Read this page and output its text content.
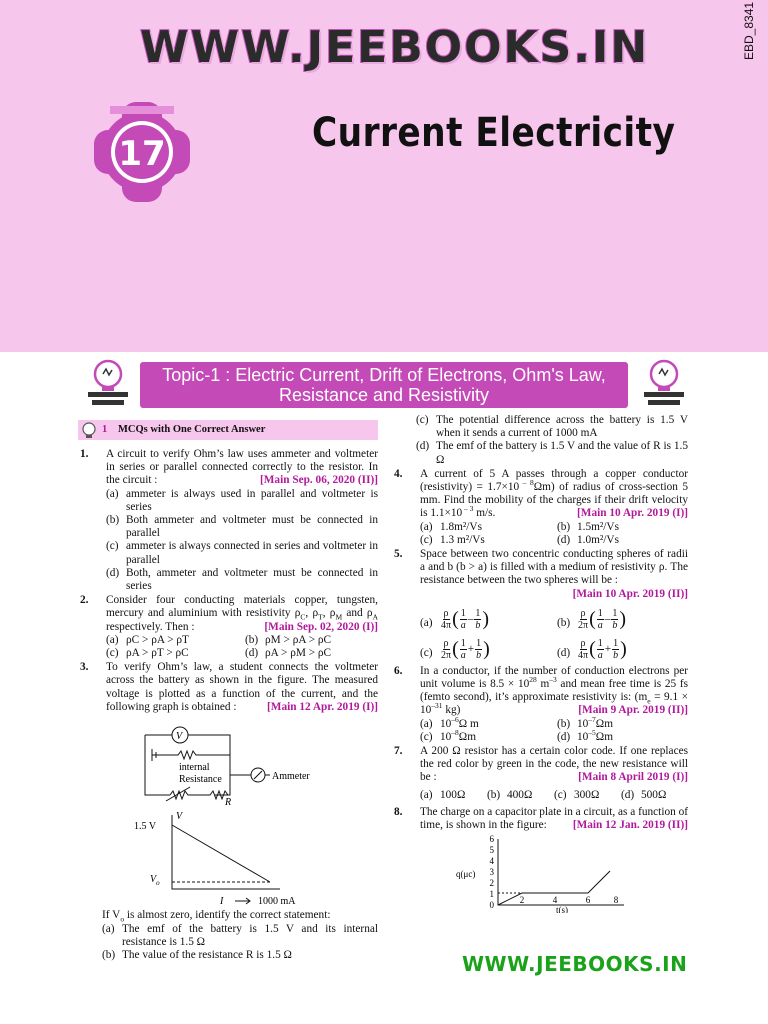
WWW.JEEBOOKS.IN	EBD_8341
17	Current Electricity
Topic-1 : Electric Current, Drift of Electrons, Ohm's Law, Resistance and Resistivity
1 MCQs with One Correct Answer
1. A circuit to verify Ohm’s law uses ammeter and voltmeter in series or parallel connected correctly to the resistor. In the circuit :	[Main Sep. 06, 2020 (II)]
(a) ammeter is always used in parallel and voltmeter is series
(b) Both ammeter and voltmeter must be connected in parallel
(c) ammeter is always connected in series and voltmeter in parallel
(d) Both, ammeter and voltmeter must be connected in series
2. Consider four conducting materials copper, tungsten, mercury and aluminium with resistivity $\rho_C$, $\rho_T$, $\rho_M$ and $\rho_A$ respectively. Then :	[Main Sep. 02, 2020 (I)]
(a) ρC > ρA > ρT	(b) ρM > ρA > ρC
(c) ρA > ρT > ρC	(d) ρA > ρM > ρC
3. To verify Ohm’s law, a student connects the voltmeter across the battery as shown in the figure. The measured voltage is plotted as a function of the current, and the following graph is obtained :	[Main 12 Apr. 2019 (I)]
V
internal
Resistance	Ammeter
R

V
1.5 V
$V_o$
I	1000 mA
If $V_o$ is almost zero, identify the correct statement:
(a) The emf of the battery is 1.5 V and its internal resistance is 1.5 Ω
(b) The value of the resistance R is 1.5 Ω
(c) The potential difference across the battery is 1.5 V when it sends a current of 1000 mA
(d) The emf of the battery is 1.5 V and the value of R is 1.5 Ω
4. A current of 5 A passes through a copper conductor (resistivity) = 1.7×10 $^{- 8}$Ωm) of radius of cross-section 5 mm. Find the mobility of the charges if their drift velocity is 1.1×10 $^{- 3}$ m/s.	[Main 10 Apr. 2019 (I)]
(a) 1.8m²/Vs	(b) 1.5m²/Vs
(c) 1.3 m²/Vs	(d) 1.0m²/Vs
5. Space between two concentric conducting spheres of radii a and b (b > a) is filled with a medium of resistivity ρ. The resistance between the two spheres will be :
[Main 10 Apr. 2019 (II)]
$(a) \frac{\rho}{4\pi}$ ( $\frac{1}{a} - \frac{1}{b}$ )	$(b) \frac{\rho}{2\pi}$ ( $\frac{1}{a} - \frac{1}{b}$ )
$(c) \frac{\rho}{2\pi}$ ( $\frac{1}{a} + \frac{1}{b}$ )	$(d) \frac{\rho}{4\pi}$ ( $\frac{1}{a} + \frac{1}{b}$ )
6. In a conductor, if the number of conduction electrons per unit volume is $8.5 \times 10^{28}$ $m^{-3}$ and mean free time is 25 fs (femto second), it’s approximate resistivity is: ($m_e = 9.1 \times 10^{-31}$ kg)	[Main 9 Apr. 2019 (II)]
(a) $10^{-6}\Omega$ m	(b) $10^{-7}\Omega m$
(c) $10^{-8}\Omega m$	(d) $10^{-5}\Omega m$
7. A 200 Ω resistor has a certain color code. If one replaces the red color by green in the code, the new resistance will be :	[Main 8 April 2019 (I)]
(a) 100Ω	(b) 400Ω	(c) 300Ω	(d) 500Ω
8. The charge on a capacitor plate in a circuit, as a function of time, is shown in the figure: [Main 12 Jan. 2019 (II)]
6
5
4
3
2
1
0	2	4	6	8
q(μc)
t(s)
WWW.JEEBOOKS.IN
